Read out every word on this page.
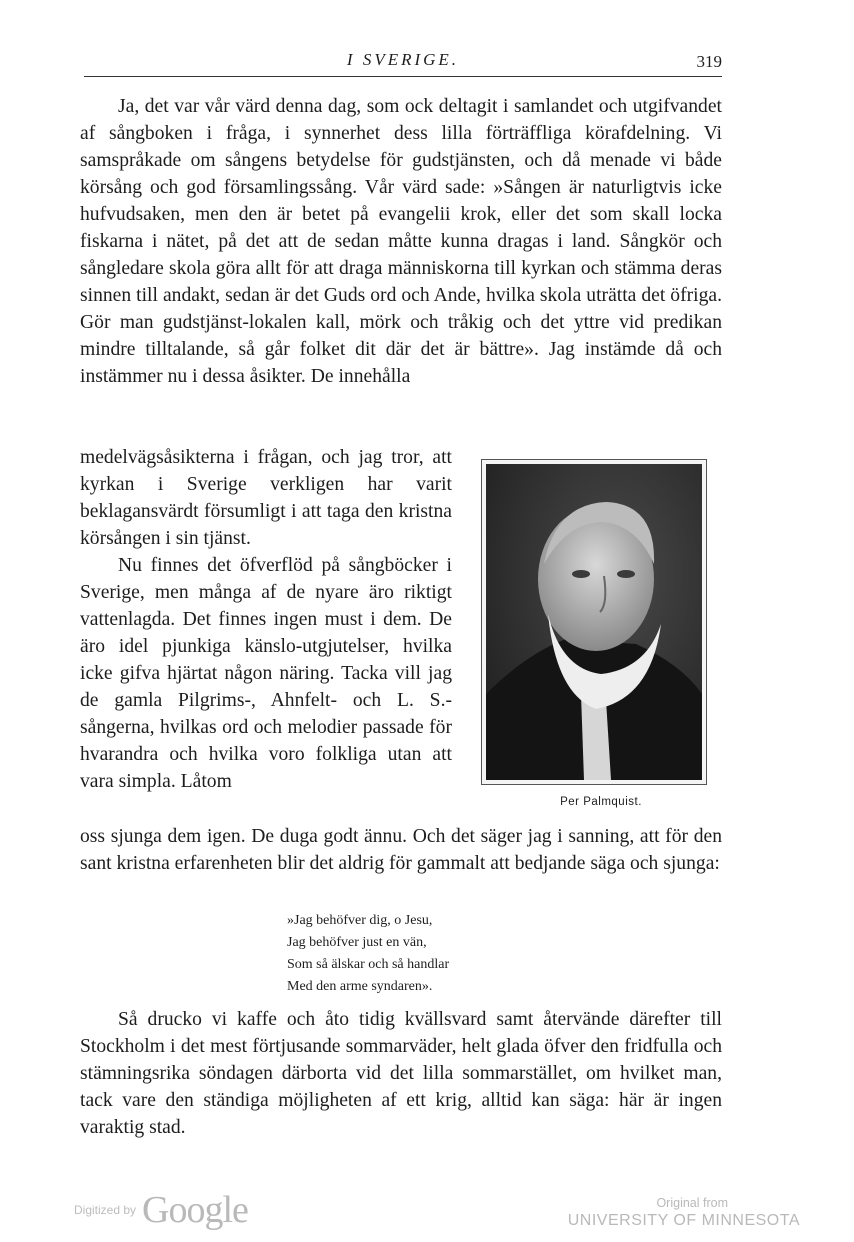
I SVERIGE.	319

Ja, det var vår värd denna dag, som ock deltagit i samlandet och utgifvandet af sångboken i fråga, i synnerhet dess lilla förträffliga körafdelning. Vi samspråkade om sångens betydelse för gudstjänsten, och då menade vi både körsång och god församlingssång. Vår värd sade: »Sången är naturligtvis icke hufvudsaken, men den är betet på evangelii krok, eller det som skall locka fiskarna i nätet, på det att de sedan måtte kunna dragas i land. Sångkör och sångledare skola göra allt för att draga människorna till kyrkan och stämma deras sinnen till andakt, sedan är det Guds ord och Ande, hvilka skola uträtta det öfriga. Gör man gudstjänst-lokalen kall, mörk och tråkig och det yttre vid predikan mindre tilltalande, så går folket dit där det är bättre». Jag instämde då och instämmer nu i dessa åsikter. De innehålla

medelvägsåsikterna i frågan, och jag tror, att kyrkan i Sverige verkligen har varit beklagansvärdt försumligt i att taga den kristna körsången i sin tjänst.

Nu finnes det öfverflöd på sångböcker i Sverige, men många af de nyare äro riktigt vattenlagda. Det finnes ingen must i dem. De äro idel pjunkiga känslo-utgjutelser, hvilka icke gifva hjärtat någon näring. Tacka vill jag de gamla Pilgrims-, Ahnfelt- och L. S.-sångerna, hvilkas ord och melodier passade för hvarandra och hvilka voro folkliga utan att vara simpla. Låtom

Per Palmquist.

oss sjunga dem igen. De duga godt ännu. Och det säger jag i sanning, att för den sant kristna erfarenheten blir det aldrig för gammalt att bedjande säga och sjunga:

»Jag behöfver dig, o Jesu,
Jag behöfver just en vän,
Som så älskar och så handlar
Med den arme syndaren».

Så drucko vi kaffe och åto tidig kvällsvard samt återvände därefter till Stockholm i det mest förtjusande sommarväder, helt glada öfver den fridfulla och stämningsrika söndagen därborta vid det lilla sommarstället, om hvilket man, tack vare den ständiga möjligheten af ett krig, alltid kan säga: här är ingen varaktig stad.

Digitized by Google	Original from
UNIVERSITY OF MINNESOTA
